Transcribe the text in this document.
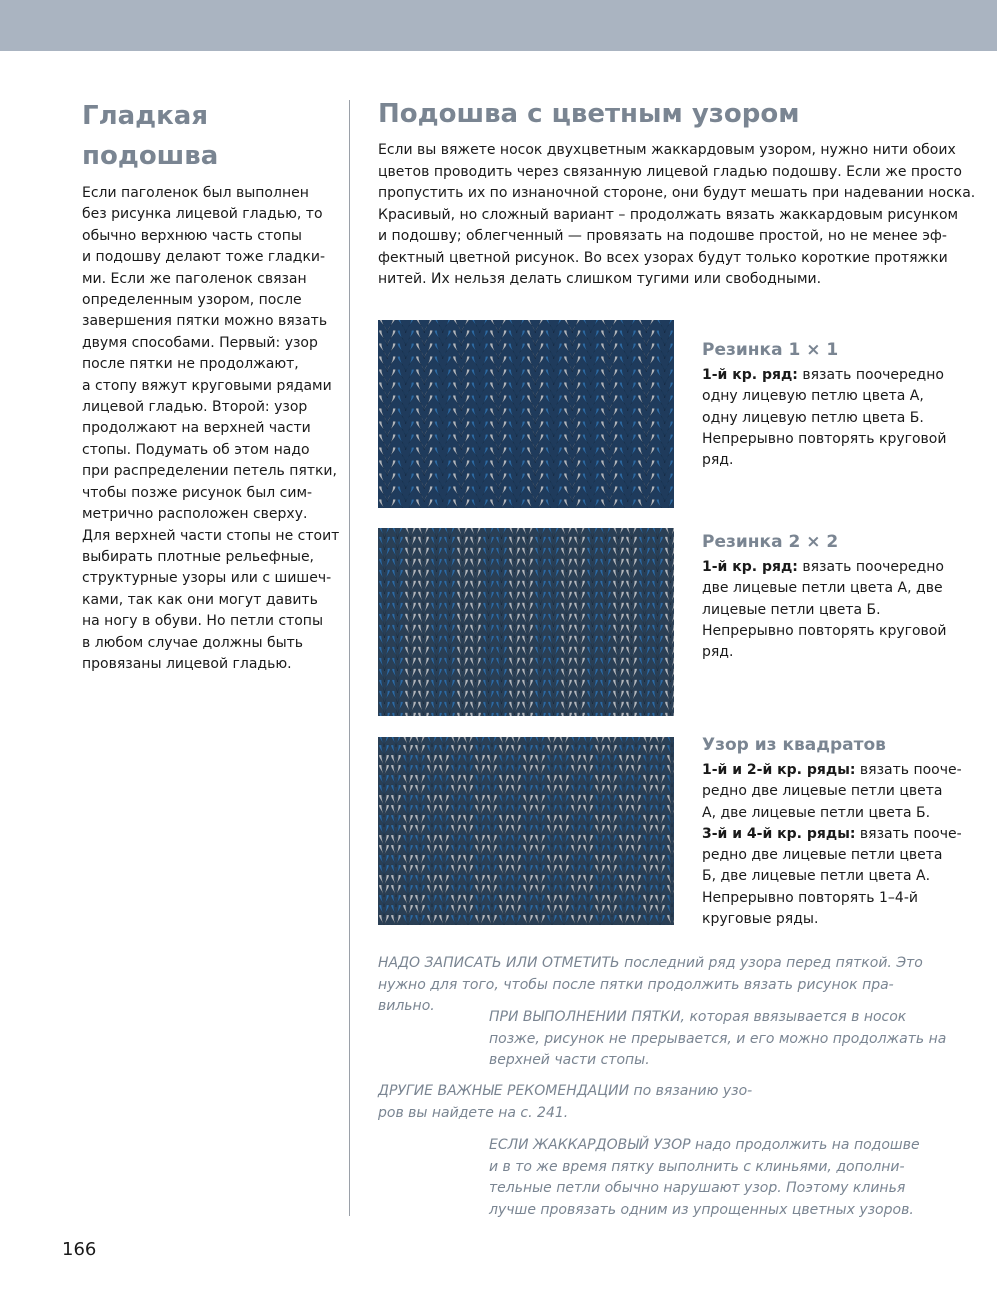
Гладкая
подошва
Если паголенок был выполнен
без рисунка лицевой гладью, то
обычно верхнюю часть стопы
и подошву делают тоже гладки-
ми. Если же паголенок связан
определенным узором, после
завершения пятки можно вязать
двумя способами. Первый: узор
после пятки не продолжают,
а стопу вяжут круговыми рядами
лицевой гладью. Второй: узор
продолжают на верхней части
стопы. Подумать об этом надо
при распределении петель пятки,
чтобы позже рисунок был сим-
метрично расположен сверху.
Для верхней части стопы не стоит
выбирать плотные рельефные,
структурные узоры или с шишеч-
ками, так как они могут давить
на ногу в обуви. Но петли стопы
в любом случае должны быть
провязаны лицевой гладью.
Подошва с цветным узором
Если вы вяжете носок двухцветным жаккардовым узором, нужно нити обоих
цветов проводить через связанную лицевой гладью подошву. Если же просто
пропустить их по изнаночной стороне, они будут мешать при надевании носка.
Красивый, но сложный вариант – продолжать вязать жаккардовым рисунком
и подошву; облегченный — провязать на подошве простой, но не менее эф-
фектный цветной рисунок. Во всех узорах будут только короткие протяжки
нитей. Их нельзя делать слишком тугими или свободными.
Резинка 1 × 1
1-й кр. ряд: вязать поочередно
одну лицевую петлю цвета А,
одну лицевую петлю цвета Б.
Непрерывно повторять круговой
ряд.
Резинка 2 × 2
1-й кр. ряд: вязать поочередно
две лицевые петли цвета А, две
лицевые петли цвета Б.
Непрерывно повторять круговой
ряд.
Узор из квадратов
1-й и 2-й кр. ряды: вязать пооче-
редно две лицевые петли цвета
А, две лицевые петли цвета Б.
3-й и 4-й кр. ряды: вязать пооче-
редно две лицевые петли цвета
Б, две лицевые петли цвета А.
Непрерывно повторять 1–4-й
круговые ряды.
НАДО ЗАПИСАТЬ ИЛИ ОТМЕТИТЬ последний ряд узора перед пяткой. Это
нужно для того, чтобы после пятки продолжить вязать рисунок пра-
вильно.
ПРИ ВЫПОЛНЕНИИ ПЯТКИ, которая ввязывается в носок
позже, рисунок не прерывается, и его можно продолжать на
верхней части стопы.
ДРУГИЕ ВАЖНЫЕ РЕКОМЕНДАЦИИ по вязанию узо-
ров вы найдете на с. 241.
ЕСЛИ ЖАККАРДОВЫЙ УЗОР надо продолжить на подошве
и в то же время пятку выполнить с клиньями, дополни-
тельные петли обычно нарушают узор. Поэтому клинья
лучше провязать одним из упрощенных цветных узоров.
166
